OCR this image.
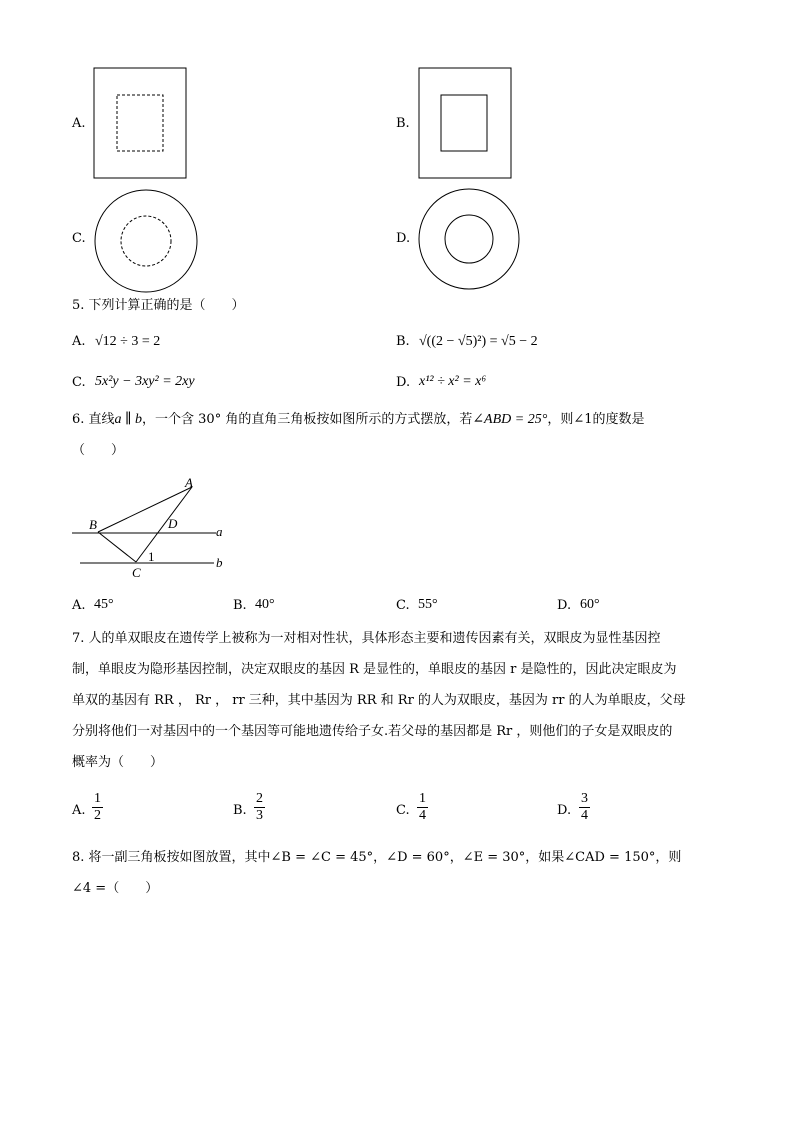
A.	B.
C.	D.
5. 下列计算正确的是（　　）
A. √12 ÷ 3 = 2	B. √((2 − √5)²) = √5 − 2
C. 5x²y − 3xy² = 2xy	D. x¹² ÷ x² = x⁶
6. 直线a ∥ b，一个含 30° 角的直角三角板按如图所示的方式摆放，若∠ABD = 25°，则∠1的度数是
（　　）
A
B	D
C
1
a
b
A. 45°	B. 40°	C. 55°	D. 60°
7. 人的单双眼皮在遗传学上被称为一对相对性状，具体形态主要和遗传因素有关，双眼皮为显性基因控
制，单眼皮为隐形基因控制，决定双眼皮的基因 R 是显性的，单眼皮的基因 r 是隐性的，因此决定眼皮为
单双的基因有 RR ， Rr ， rr 三种，其中基因为 RR 和 Rr 的人为双眼皮，基因为 rr 的人为单眼皮，父母
分别将他们一对基因中的一个基因等可能地遗传给子女.若父母的基因都是 Rr ，则他们的子女是双眼皮的
概率为（　　）
A. $\frac{1}{2}$	B. $\frac{2}{3}$	C. $\frac{1}{4}$	D. $\frac{3}{4}$
8. 将一副三角板按如图放置，其中∠B = ∠C = 45°，∠D = 60°，∠E = 30°，如果∠CAD = 150°，则
∠4 =（　　）
